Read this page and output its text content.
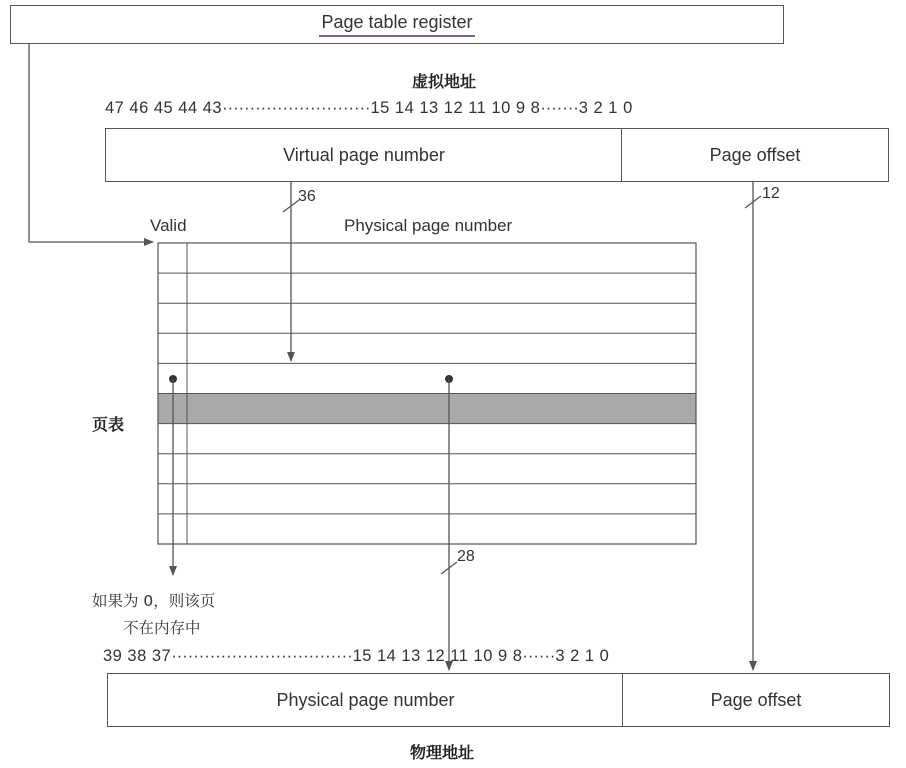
Page table register
虚拟地址
47 46 45 44 43···························15 14 13 12 11 10 9 8·······3 2 1 0
Virtual page number	Page offset
36	12
Valid	Physical page number
页表
28
如果为 0，则该页
不在内存中
39 38 37·································15 14 13 12 11 10 9 8······3 2 1 0
Physical page number	Page offset
物理地址
